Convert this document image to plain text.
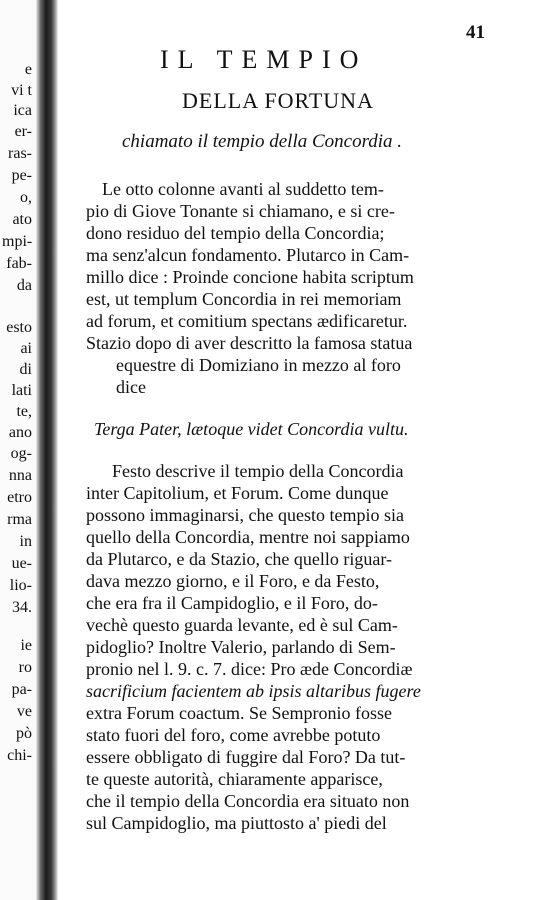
e
vi t
ica
er-
ras-
pe-
o,
ato
mpi-
fab-
da
esto
ai
di
lati
te,
ano
og-
nna
etro
rma
in
ue-
lio-
34.
ie
ro
pa-
ve
pò
chi-
41
IL TEMPIO
DELLA FORTUNA
chiamato il tempio della Concordia .
Le otto colonne avanti al suddetto tem-
pio di Giove Tonante si chiamano, e si cre-
dono residuo del tempio della Concordia;
ma senz'alcun fondamento. Plutarco in Cam-
millo dice : Proinde concione habita scriptum
est, ut templum Concordia in rei memoriam
ad forum, et comitium spectans ædificaretur.
Stazio dopo di aver descritto la famosa statua
equestre di Domiziano in mezzo al foro
dice
Terga Pater, lætoque videt Concordia vultu.
Festo descrive il tempio della Concordia
inter Capitolium, et Forum. Come dunque
possono immaginarsi, che questo tempio sia
quello della Concordia, mentre noi sappiamo
da Plutarco, e da Stazio, che quello riguar-
dava mezzo giorno, e il Foro, e da Festo,
che era fra il Campidoglio, e il Foro, do-
vechè questo guarda levante, ed è sul Cam-
pidoglio? Inoltre Valerio, parlando di Sem-
pronio nel l. 9. c. 7. dice: Pro æde Concordiæ
sacrificium facientem ab ipsis altaribus fugere
extra Forum coactum. Se Sempronio fosse
stato fuori del foro, come avrebbe potuto
essere obbligato di fuggire dal Foro? Da tut-
te queste autorità, chiaramente apparisce,
che il tempio della Concordia era situato non
sul Campidoglio, ma piuttosto a' piedi del
